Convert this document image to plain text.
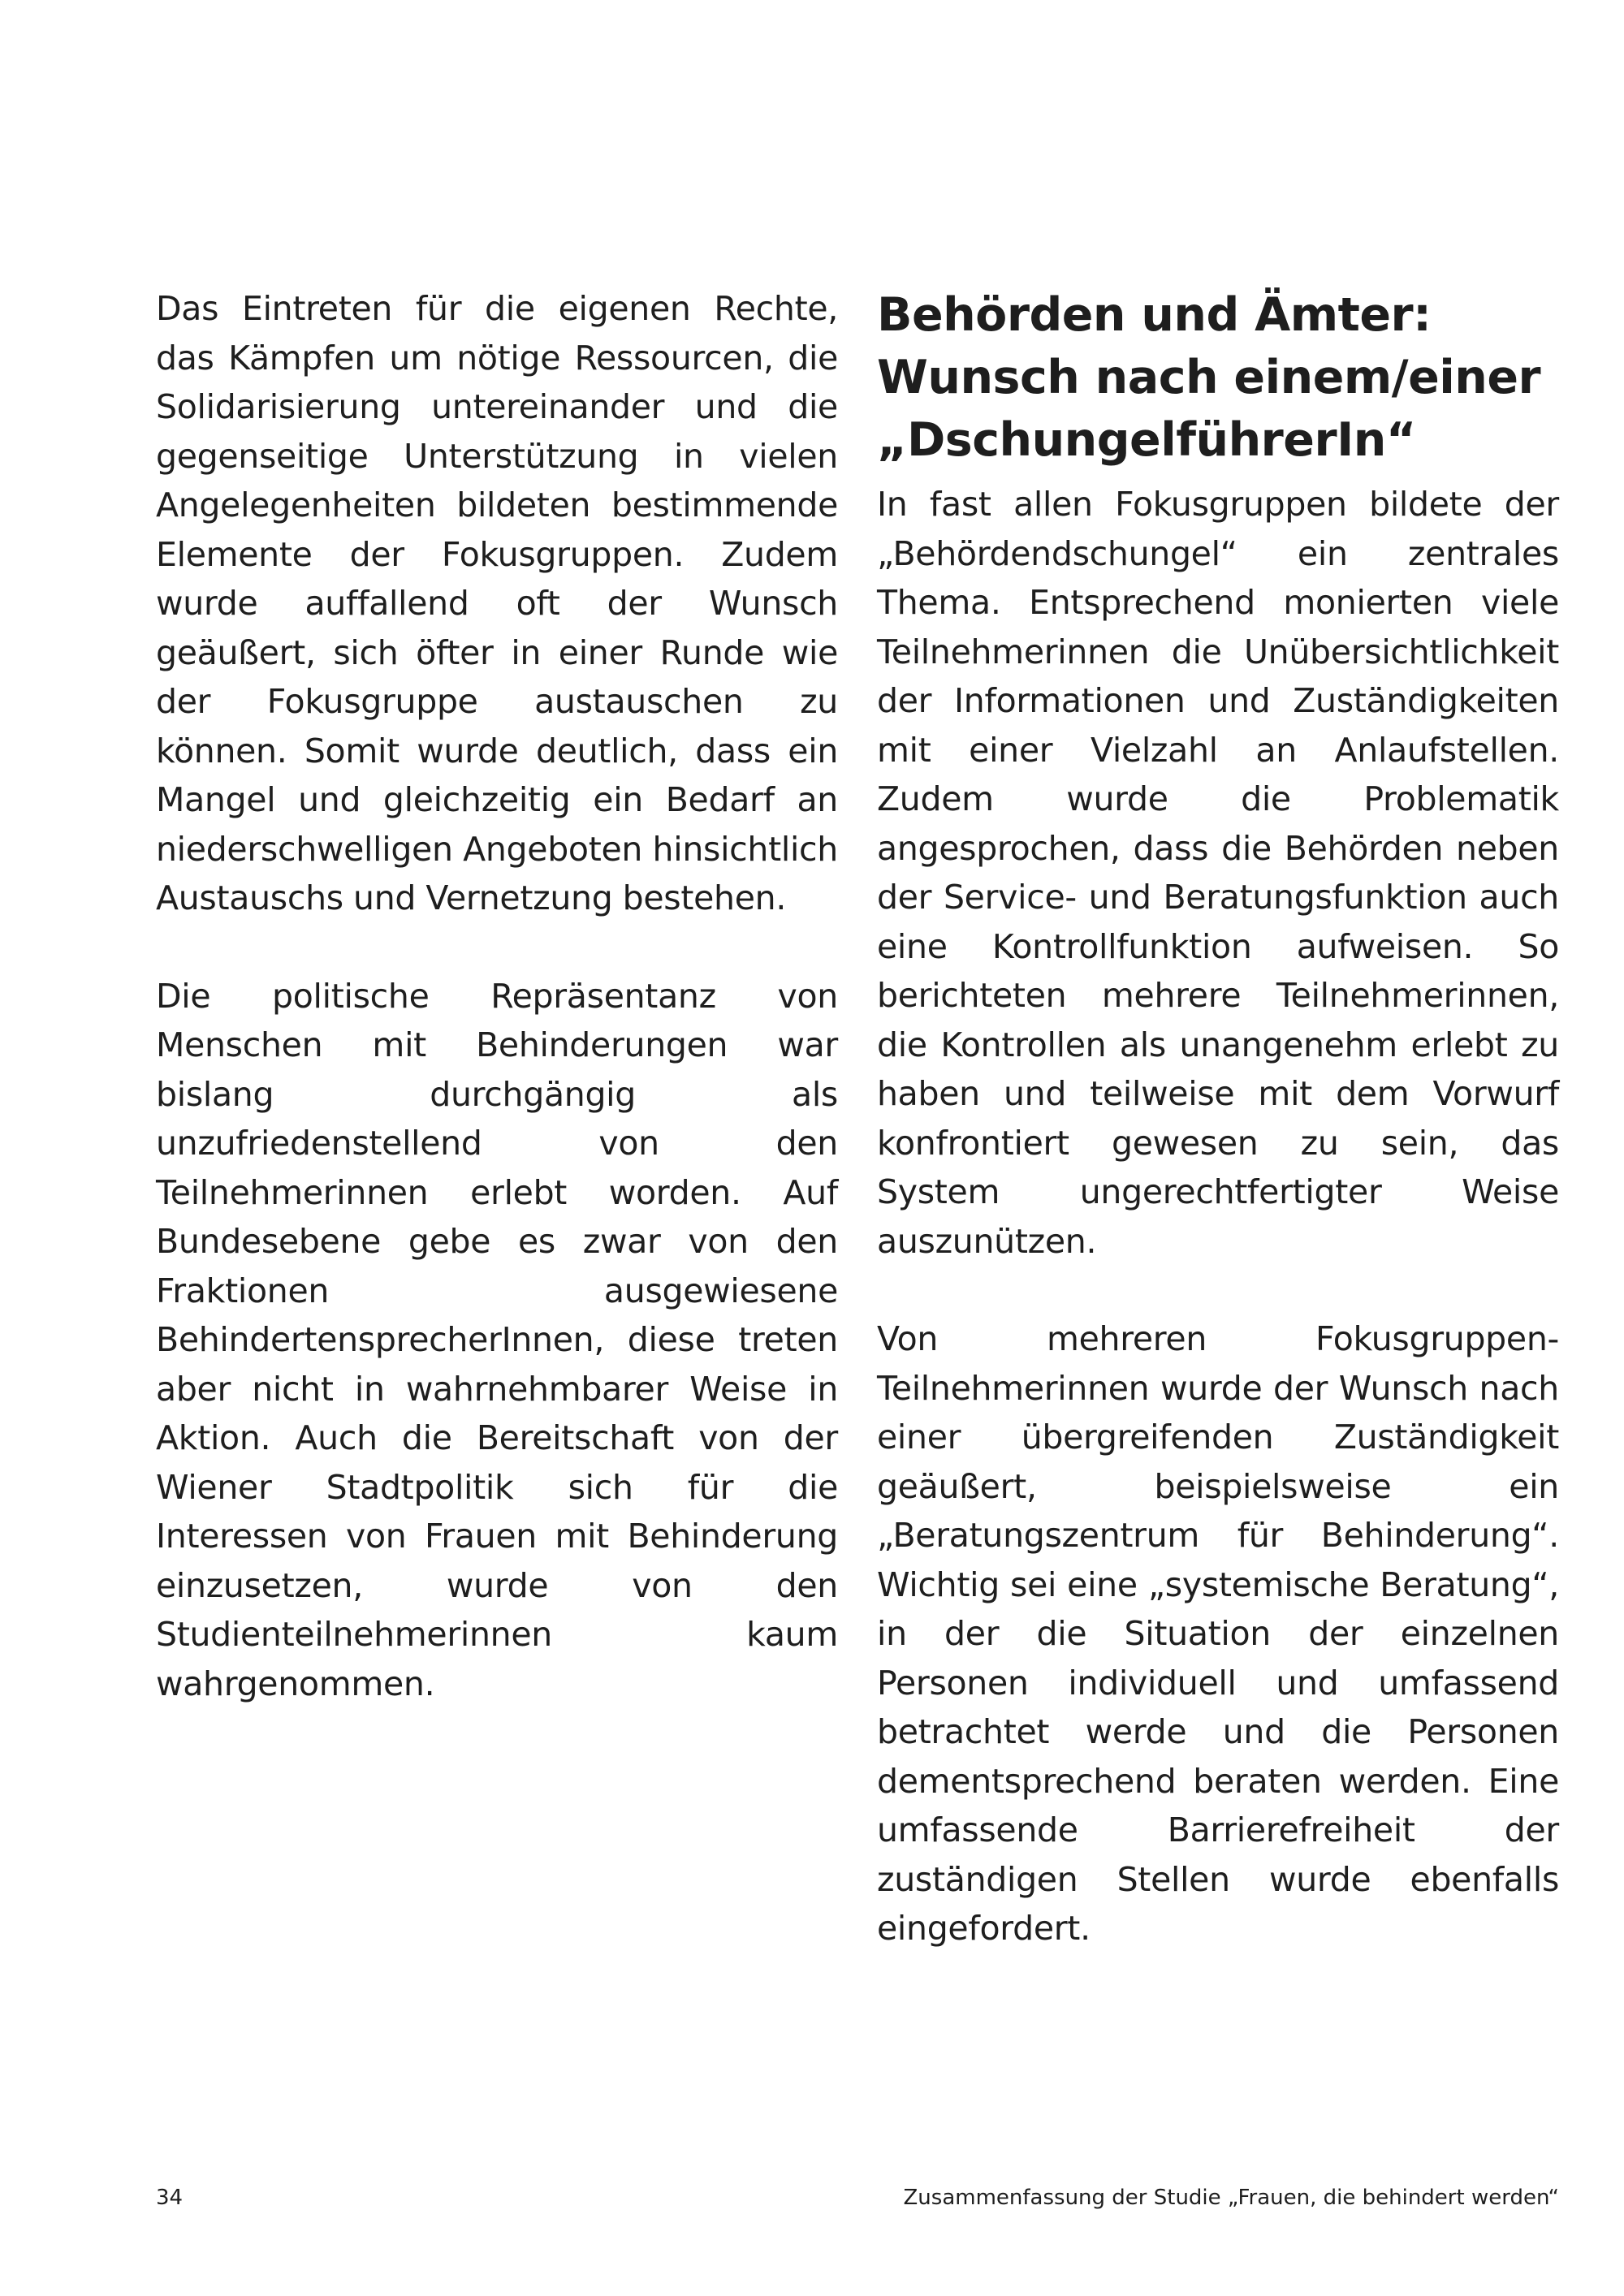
Das Eintreten für die eigenen Rechte, das Kämpfen um nötige Ressourcen, die Solidarisierung untereinander und die gegenseitige Unterstützung in vielen Angelegenheiten bildeten bestimmende Elemente der Fokusgruppen. Zudem wurde auffallend oft der Wunsch geäußert, sich öfter in einer Runde wie der Fokusgruppe austauschen zu können. Somit wurde deutlich, dass ein Mangel und gleichzeitig ein Bedarf an niederschwelligen Angeboten hinsichtlich Austauschs und Vernetzung bestehen.

Die politische Repräsentanz von Menschen mit Behinderungen war bislang durchgängig als unzufriedenstellend von den Teilnehmerinnen erlebt worden. Auf Bundesebene gebe es zwar von den Fraktionen ausgewiesene BehindertensprecherInnen, diese treten aber nicht in wahrnehmbarer Weise in Aktion. Auch die Bereitschaft von der Wiener Stadtpolitik sich für die Interessen von Frauen mit Behinderung einzusetzen, wurde von den Studienteilnehmerinnen kaum wahrgenommen.

Behörden und Ämter: Wunsch nach einem/einer „DschungelführerIn“

In fast allen Fokusgruppen bildete der „Behördendschungel“ ein zentrales Thema. Entsprechend monierten viele Teilnehmerinnen die Unübersichtlichkeit der Informationen und Zuständigkeiten mit einer Vielzahl an Anlaufstellen. Zudem wurde die Problematik angesprochen, dass die Behörden neben der Service- und Beratungsfunktion auch eine Kontrollfunktion aufweisen. So berichteten mehrere Teilnehmerinnen, die Kontrollen als unangenehm erlebt zu haben und teilweise mit dem Vorwurf konfrontiert gewesen zu sein, das System ungerechtfertigter Weise auszunützen.

Von mehreren Fokusgruppen-Teilnehmerinnen wurde der Wunsch nach einer übergreifenden Zuständigkeit geäußert, beispielsweise ein „Beratungszentrum für Behinderung“. Wichtig sei eine „systemische Beratung“, in der die Situation der einzelnen Personen individuell und umfassend betrachtet werde und die Personen dementsprechend beraten werden. Eine umfassende Barrierefreiheit der zuständigen Stellen wurde ebenfalls eingefordert.

34	Zusammenfassung der Studie „Frauen, die behindert werden“
